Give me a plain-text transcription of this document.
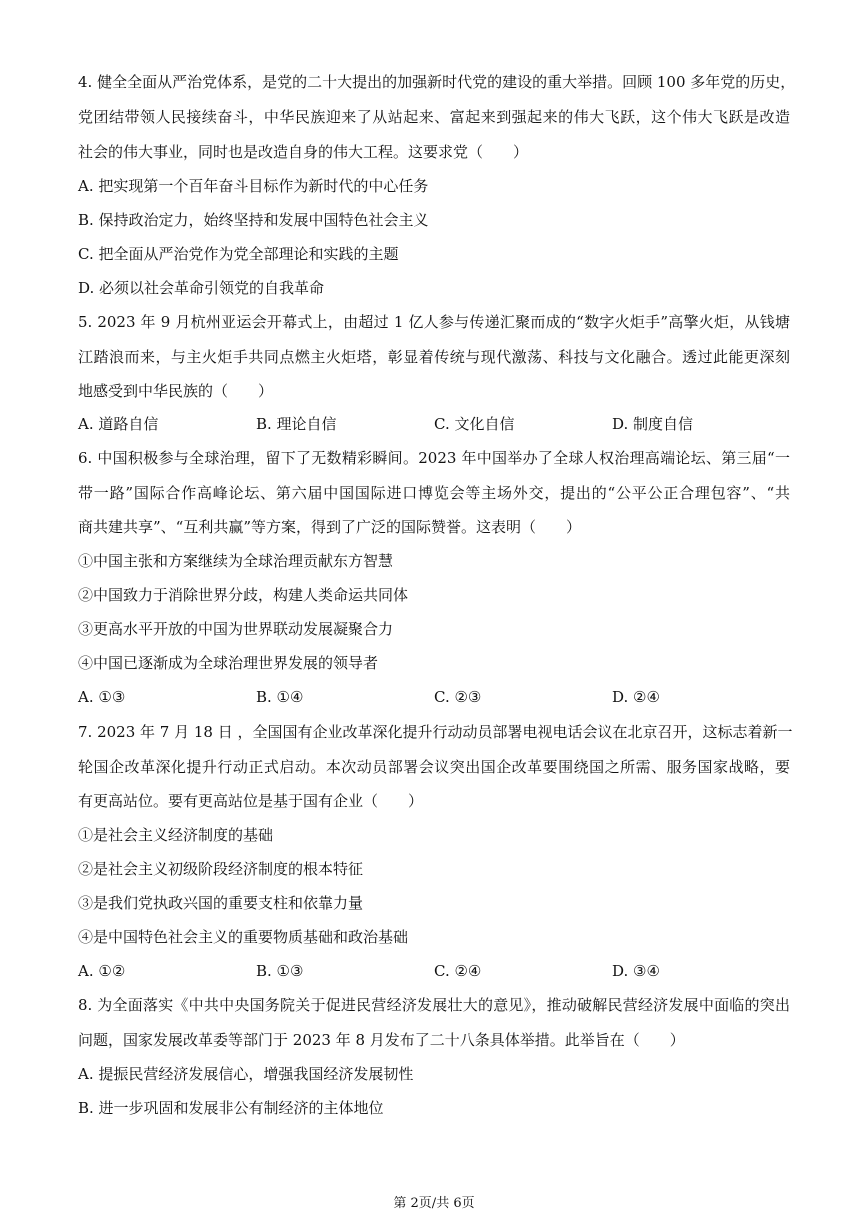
4. 健全全面从严治党体系，是党的二十大提出的加强新时代党的建设的重大举措。回顾 100 多年党的历史，
党团结带领人民接续奋斗，中华民族迎来了从站起来、富起来到强起来的伟大飞跃，这个伟大飞跃是改造
社会的伟大事业，同时也是改造自身的伟大工程。这要求党（　　）
A. 把实现第一个百年奋斗目标作为新时代的中心任务
B. 保持政治定力，始终坚持和发展中国特色社会主义
C. 把全面从严治党作为党全部理论和实践的主题
D. 必须以社会革命引领党的自我革命
5. 2023 年 9 月杭州亚运会开幕式上，由超过 1 亿人参与传递汇聚而成的“数字火炬手”高擎火炬，从钱塘
江踏浪而来，与主火炬手共同点燃主火炬塔，彰显着传统与现代激荡、科技与文化融合。透过此能更深刻
地感受到中华民族的（　　）
A. 道路自信	B. 理论自信	C. 文化自信	D. 制度自信
6. 中国积极参与全球治理，留下了无数精彩瞬间。2023 年中国举办了全球人权治理高端论坛、第三届“一
带一路”国际合作高峰论坛、第六届中国国际进口博览会等主场外交，提出的“公平公正合理包容”、“共
商共建共享”、“互利共赢”等方案，得到了广泛的国际赞誉。这表明（　　）
①中国主张和方案继续为全球治理贡献东方智慧
②中国致力于消除世界分歧，构建人类命运共同体
③更高水平开放的中国为世界联动发展凝聚合力
④中国已逐渐成为全球治理世界发展的领导者
A. ①③	B. ①④	C. ②③	D. ②④
7. 2023 年 7 月 18 日 ，全国国有企业改革深化提升行动动员部署电视电话会议在北京召开，这标志着新一
轮国企改革深化提升行动正式启动。本次动员部署会议突出国企改革要围绕国之所需、服务国家战略，要
有更高站位。要有更高站位是基于国有企业（　　）
①是社会主义经济制度的基础
②是社会主义初级阶段经济制度的根本特征
③是我们党执政兴国的重要支柱和依靠力量
④是中国特色社会主义的重要物质基础和政治基础
A. ①②	B. ①③	C. ②④	D. ③④
8. 为全面落实《中共中央国务院关于促进民营经济发展壮大的意见》，推动破解民营经济发展中面临的突出
问题，国家发展改革委等部门于 2023 年 8 月发布了二十八条具体举措。此举旨在（　　）
A. 提振民营经济发展信心，增强我国经济发展韧性
B. 进一步巩固和发展非公有制经济的主体地位
第 2页/共 6页
